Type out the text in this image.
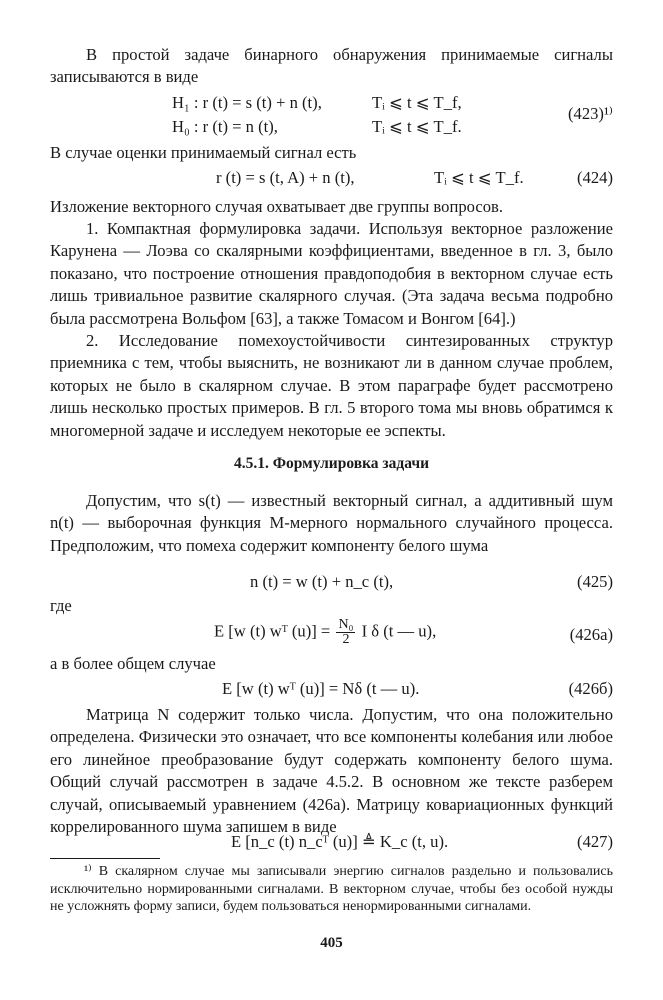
В простой задаче бинарного обнаружения принимаемые сигналы записываются в виде

H₁ : r (t) = s (t) + n (t),	Tᵢ ⩽ t ⩽ T_f,
H₀ : r (t) = n (t),	Tᵢ ⩽ t ⩽ T_f.
(423)¹⁾

В случае оценки принимаемый сигнал есть

r (t) = s (t, A) + n (t),	Tᵢ ⩽ t ⩽ T_f.	(424)

Изложение векторного случая охватывает две группы вопросов.

1. Компактная формулировка задачи. Используя векторное разложение Карунена — Лоэва со скалярными коэффициентами, введенное в гл. 3, было показано, что построение отношения правдоподобия в векторном случае есть лишь тривиальное развитие скалярного случая. (Эта задача весьма подробно была рассмотрена Вольфом [63], а также Томасом и Вонгом [64].)

2. Исследование помехоустойчивости синтезированных структур приемника с тем, чтобы выяснить, не возникают ли в данном случае проблем, которых не было в скалярном случае. В этом параграфе будет рассмотрено лишь несколько простых примеров. В гл. 5 второго тома мы вновь обратимся к многомерной задаче и исследуем некоторые ее эспекты.

4.5.1. Формулировка задачи

Допустим, что s(t) — известный векторный сигнал, а аддитивный шум n(t) — выборочная функция M-мерного нормального случайного процесса. Предположим, что помеха содержит компоненту белого шума

n (t) = w (t) + n_c (t),	(425)
где
E [w (t) wᵀ $(u)] = \frac{\text{N₀}}{2}$ I δ (t — u),	(426а)

а в более общем случае

E [w (t) wᵀ (u)] = Nδ (t — u).	(426б)

Матрица N содержит только числа. Допустим, что она положительно определена. Физически это означает, что все компоненты колебания или любое его линейное преобразование будут содержать компоненту белого шума. Общий случай рассмотрен в задаче 4.5.2. В основном же тексте разберем случай, описываемый уравнением (426а). Матрицу ковариационных функций коррелированного шума запишем в виде

E [n_c (t) n_cᵀ (u)] ≜ K_c (t, u).	(427)

¹⁾ В скалярном случае мы записывали энергию сигналов раздельно и пользовались исключительно нормированными сигналами. В векторном случае, чтобы без особой нужды не усложнять форму записи, будем пользоваться ненормированными сигналами.

405
